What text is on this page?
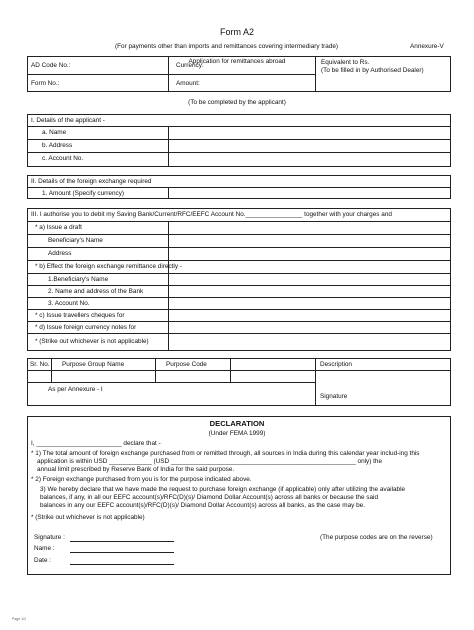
Form A2
(For payments other than imports and remittances covering intermediary trade)	Annexure-V
Application for remittances abroad
AD Code No.:	Currency:	Equivalent to Rs.
(To be filled in by Authorised Dealer)
Form No.:	Amount:
(To be completed by the applicant)
I. Details of the applicant -
a. Name
b. Address
c. Account No.
II. Details of the foreign exchange required
1. Amount (Specify currency)
III. I authorise you to debit my Saving Bank/Current/RFC/EEFC Account No.________________ together with your charges and
* a) Issue a draft
Beneficiary's Name
Address
* b) Effect the foreign exchange remittance directly -
1.Beneficiary's Name
2. Name and address of the Bank
3. Account No.
* c) Issue travellers cheques for
* d) Issue foreign currency notes for
* (Strike out whichever is not applicable)
Sr. No. Purpose Group Name	Purpose Code	Description
As per Annexure - I
Signature
DECLARATION
(Under FEMA 1999)
I, ________________________ declare that -
* 1) The total amount of foreign exchange purchased from or remitted through, all sources in India during this calendar year includ-ing this
application is within USD ____________ (USD ____________________________________________________ only) the
annual limit prescribed by Reserve Bank of India for the said purpose.
* 2) Foreign exchange purchased from you is for the purpose indicated above.
3) We hereby declare that we have made the request to purchase foreign exchange (if applicable) only after utilizing the available
balances, if any, in all our EEFC account(s)/RFC(D)(s)/ Diamond Dollar Account(s) across all banks or because the said
balances in any our EEFC account(s)/RFC(D)(s)/ Diamond Dollar Account(s) across all banks, as the case may be.
* (Strike out whichever is not applicable)
Signature :
Name :
Date :
(The purpose codes are on the reverse)
Page 1/2
